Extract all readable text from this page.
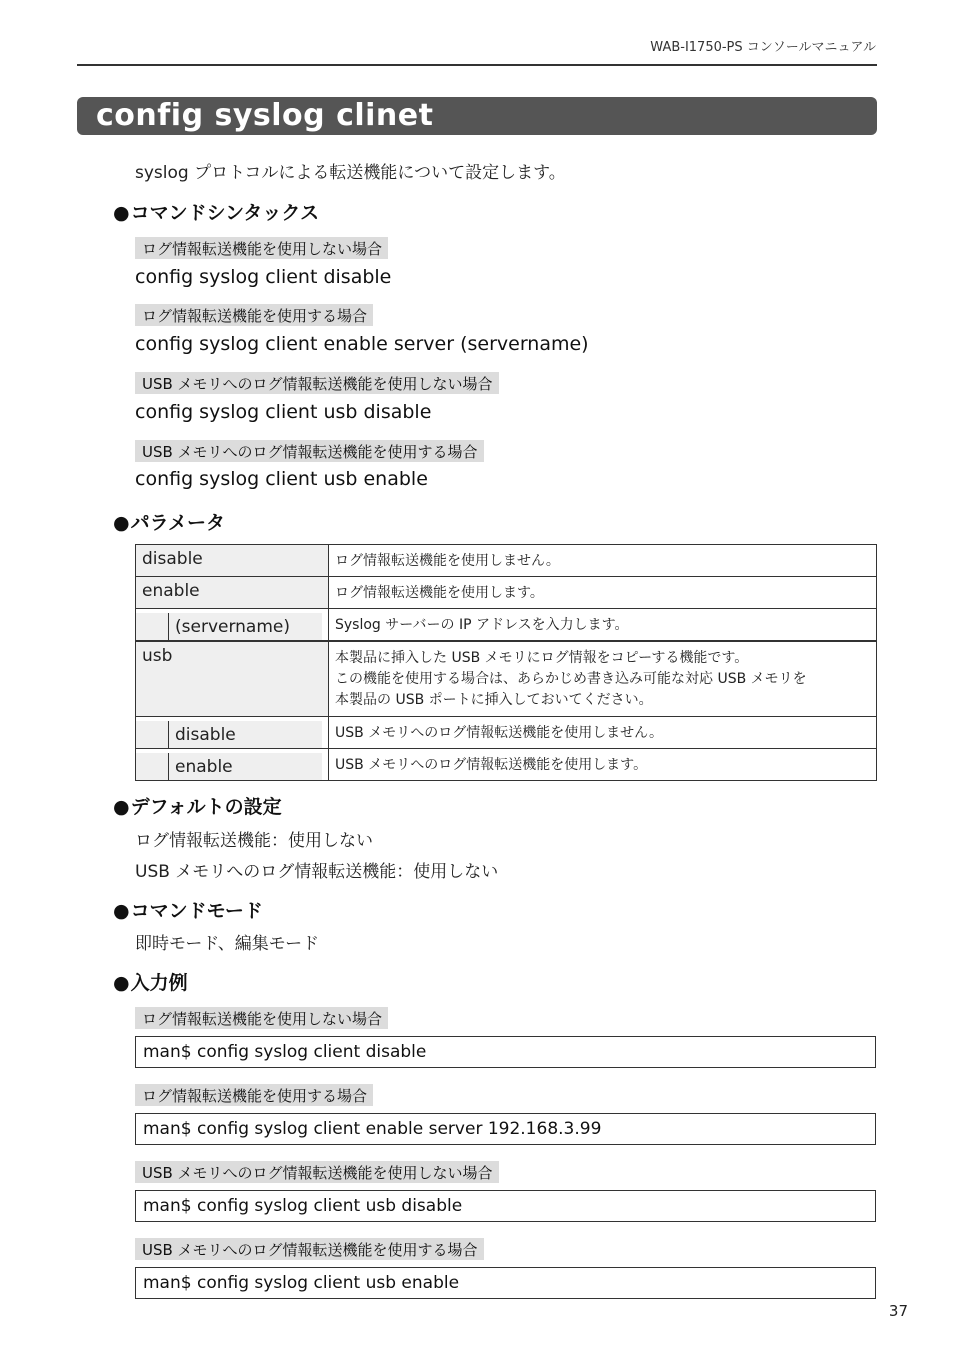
WAB-I1750-PS コンソールマニュアル
config syslog clinet
syslog プロトコルによる転送機能について設定します。
●コマンドシンタックス
ログ情報転送機能を使用しない場合
config syslog client disable
ログ情報転送機能を使用する場合
config syslog client enable server (servername)
USB メモリへのログ情報転送機能を使用しない場合
config syslog client usb disable
USB メモリへのログ情報転送機能を使用する場合
config syslog client usb enable
●パラメータ
disable	ログ情報転送機能を使用しません。
enable	ログ情報転送機能を使用します。
(servername)	Syslog サーバーの IP アドレスを入力します。
usb	本製品に挿入した USB メモリにログ情報をコピーする機能です。
この機能を使用する場合は、あらかじめ書き込み可能な対応 USB メモリを
本製品の USB ポートに挿入しておいてください。
disable	USB メモリへのログ情報転送機能を使用しません。
enable	USB メモリへのログ情報転送機能を使用します。
●デフォルトの設定
ログ情報転送機能：使用しない
USB メモリへのログ情報転送機能：使用しない
●コマンドモード
即時モード、編集モード
●入力例
ログ情報転送機能を使用しない場合
man$ config syslog client disable
ログ情報転送機能を使用する場合
man$ config syslog client enable server 192.168.3.99
USB メモリへのログ情報転送機能を使用しない場合
man$ config syslog client usb disable
USB メモリへのログ情報転送機能を使用する場合
man$ config syslog client usb enable
37
